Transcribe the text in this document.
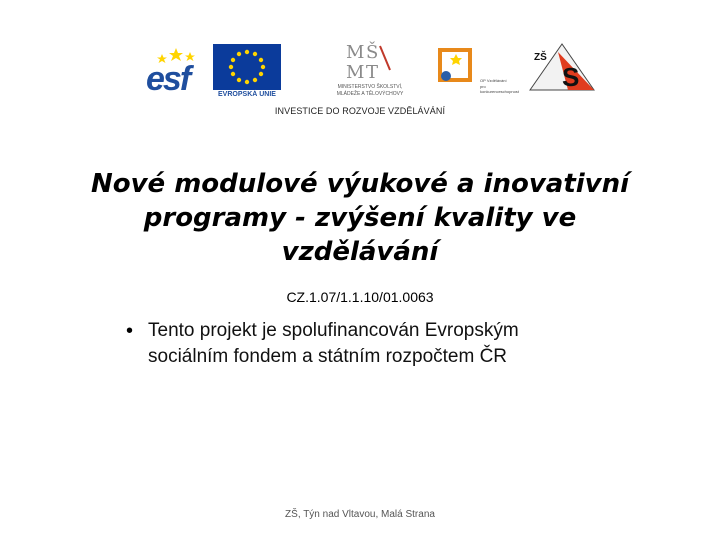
esf	EVROPSKÁ UNIE
M Š
M T
MINISTERSTVO ŠKOLSTVÍ,
MLÁDEŽE A TĚLOVÝCHOVY
OP Vzdělávání
pro konkurenceschopnost S
ZŠ
INVESTICE DO ROZVOJE VZDĚLÁVÁNÍ
Nové modulové výukové a inovativní
programy - zvýšení kvality ve
vzdělávání
CZ.1.07/1.1.10/01.0063
• Tento projekt je spolufinancován Evropským
sociálním fondem a státním rozpočtem ČR
ZŠ, Týn nad Vltavou, Malá Strana
